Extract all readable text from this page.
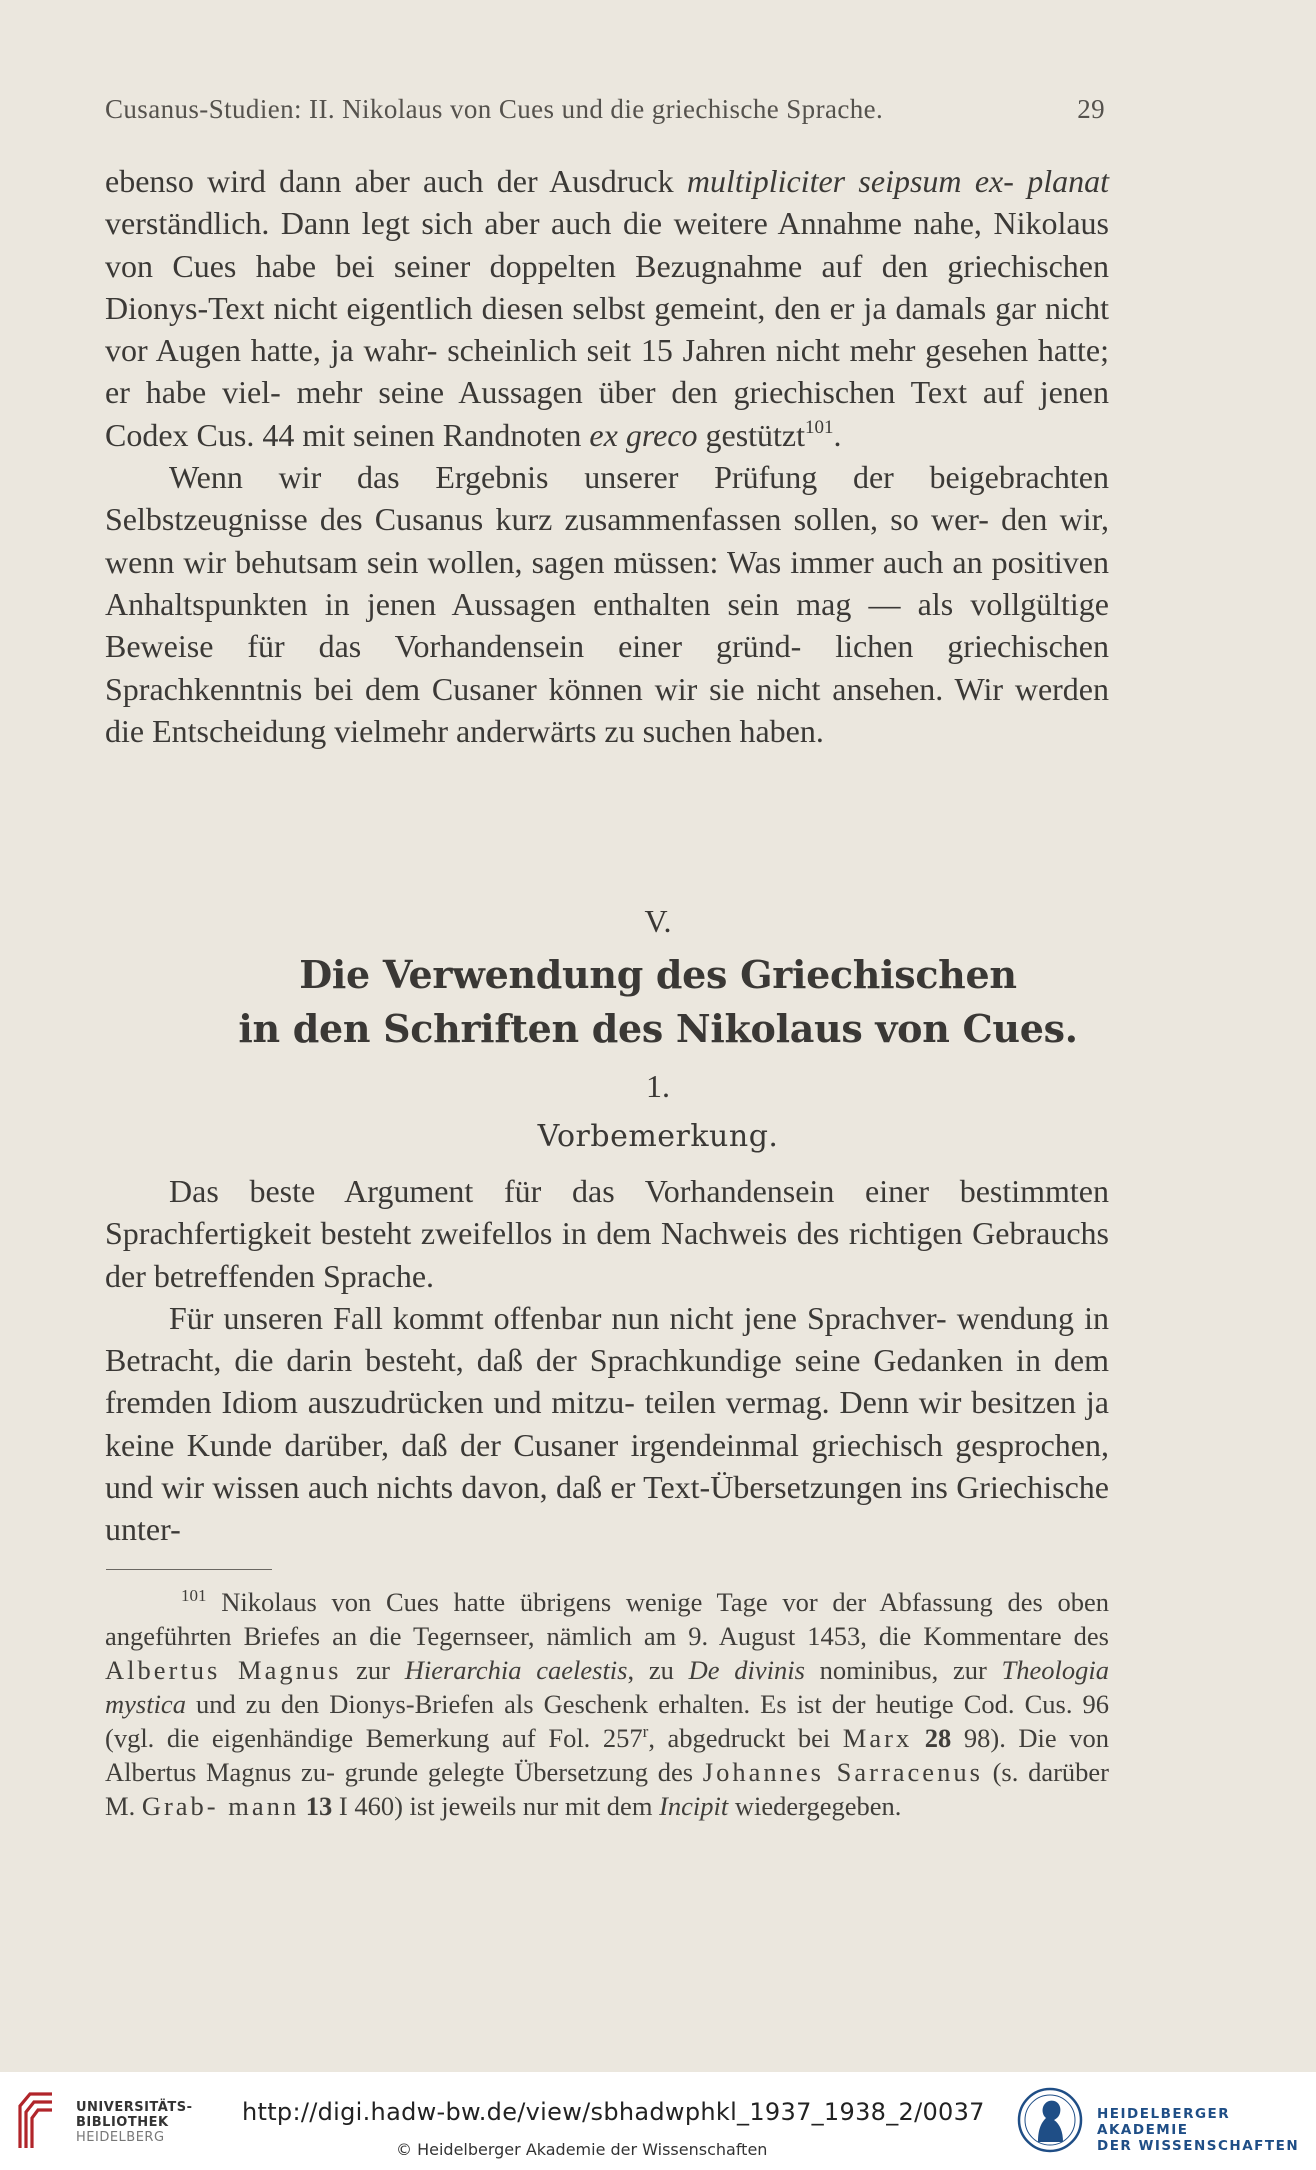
Cusanus-Studien: II. Nikolaus von Cues und die griechische Sprache.	29

ebenso wird dann aber auch der Ausdruck multipliciter seipsum ex- planat verständlich. Dann legt sich aber auch die weitere Annahme nahe, Nikolaus von Cues habe bei seiner doppelten Bezugnahme auf den griechischen Dionys-Text nicht eigentlich diesen selbst gemeint, den er ja damals gar nicht vor Augen hatte, ja wahr- scheinlich seit 15 Jahren nicht mehr gesehen hatte; er habe viel- mehr seine Aussagen über den griechischen Text auf jenen Codex Cus. 44 mit seinen Randnoten ex greco gestützt$^{101}$.

Wenn wir das Ergebnis unserer Prüfung der beigebrachten Selbstzeugnisse des Cusanus kurz zusammenfassen sollen, so wer- den wir, wenn wir behutsam sein wollen, sagen müssen: Was immer auch an positiven Anhaltspunkten in jenen Aussagen enthalten sein mag — als vollgültige Beweise für das Vorhandensein einer gründ- lichen griechischen Sprachkenntnis bei dem Cusaner können wir sie nicht ansehen. Wir werden die Entscheidung vielmehr anderwärts zu suchen haben.

V.
Die Verwendung des Griechischen
in den Schriften des Nikolaus von Cues.
1.
Vorbemerkung.

Das beste Argument für das Vorhandensein einer bestimmten Sprachfertigkeit besteht zweifellos in dem Nachweis des richtigen Gebrauchs der betreffenden Sprache.

Für unseren Fall kommt offenbar nun nicht jene Sprachver- wendung in Betracht, die darin besteht, daß der Sprachkundige seine Gedanken in dem fremden Idiom auszudrücken und mitzu- teilen vermag. Denn wir besitzen ja keine Kunde darüber, daß der Cusaner irgendeinmal griechisch gesprochen, und wir wissen auch nichts davon, daß er Text-Übersetzungen ins Griechische unter-

$^{101}$ Nikolaus von Cues hatte übrigens wenige Tage vor der Abfassung des oben angeführten Briefes an die Tegernseer, nämlich am 9. August 1453, die Kommentare des Albertus Magnus zur Hierarchia caelestis, zu De divinis nominibus, zur Theologia mystica und zu den Dionys-Briefen als Geschenk erhalten. Es ist der heutige Cod. Cus. 96 (vgl. die eigenhändige Bemerkung auf Fol. 257$^r$, abgedruckt bei Marx 28 98). Die von Albertus Magnus zu- grunde gelegte Übersetzung des Johannes Sarracenus (s. darüber M. Grab- mann 13 I 460) ist jeweils nur mit dem Incipit wiedergegeben.

UNIVERSITÄTS-
BIBLIOTHEK
HEIDELBERG
http://digi.hadw-bw.de/view/sbhadwphkl_1937_1938_2/0037
© Heidelberger Akademie der Wissenschaften
HEIDELBERGER AKADEMIE
DER WISSENSCHAFTEN
